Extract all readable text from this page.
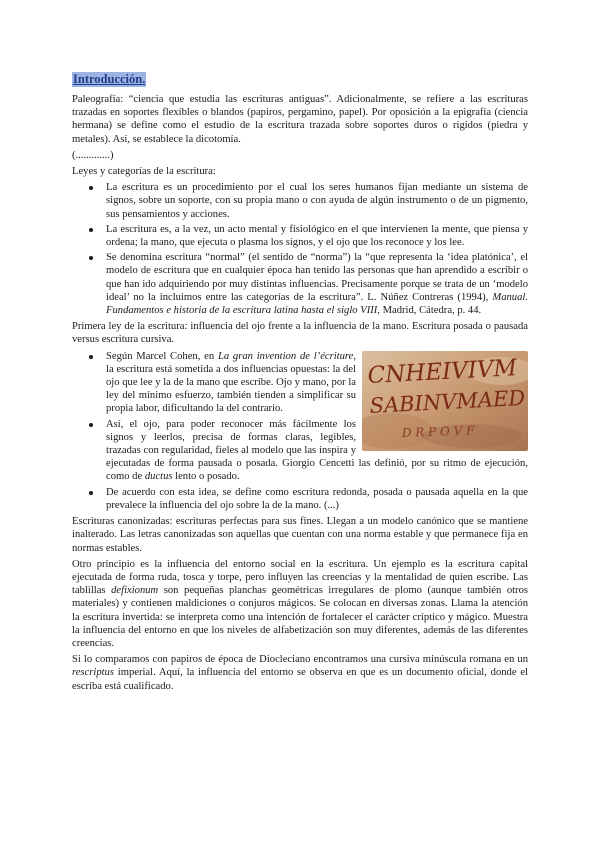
Introducción.

Paleografía: “ciencia que estudia las escrituras antiguas”. Adicionalmente, se refiere a las escrituras trazadas en soportes flexibles o blandos (papiros, pergamino, papel). Por oposición a la epigrafía (ciencia hermana) se define como el estudio de la escritura trazada sobre soportes duros o rígidos (piedra y metales). Así, se establece la dicotomía.

(.............)

Leyes y categorías de la escritura:

La escritura es un procedimiento por el cual los seres humanos fijan mediante un sistema de signos, sobre un soporte, con su propia mano o con ayuda de algún instrumento o de un pigmento, sus pensamientos y acciones.
La escritura es, a la vez, un acto mental y fisiológico en el que intervienen la mente, que piensa y ordena; la mano, que ejecuta o plasma los signos, y el ojo que los reconoce y los lee.
Se denomina escritura “normal” (el sentido de “norma”) la “que representa la ‘idea platónica’, el modelo de escritura que en cualquier época han tenido las personas que han aprendido a escribir o que han ido adquiriendo por muy distintas influencias. Precisamente porque se trata de un ‘modelo ideal’ no la incluimos entre las categorías de la escritura”. L. Núñez Contreras (1994), Manual. Fundamentos e historia de la escritura latina hasta el siglo VIII, Madrid, Cátedra, p. 44.

Primera ley de la escritura: influencia del ojo frente a la influencia de la mano. Escritura posada o pausada versus escritura cursiva.

CNHEIVIVM
SABINVMAED
D R P O V F
Según Marcel Cohen, en La gran invention de l’écriture, la escritura está sometida a dos influencias opuestas: la del ojo que lee y la de la mano que escribe. Ojo y mano, por la ley del mínimo esfuerzo, también tienden a simplificar su propia labor, dificultando la del contrario.
Así, el ojo, para poder reconocer más fácilmente los signos y leerlos, precisa de formas claras, legibles, trazadas con regularidad, fieles al modelo que las inspira y ejecutadas de forma pausada o posada. Giorgio Cencetti las definió, por su ritmo de ejecución, como de ductus lento o posado.
De acuerdo con esta idea, se define como escritura redonda, posada o pausada aquella en la que prevalece la influencia del ojo sobre la de la mano. (...)

Escrituras canonizadas: escrituras perfectas para sus fines. Llegan a un modelo canónico que se mantiene inalterado. Las letras canonizadas son aquellas que cuentan con una norma estable y que permanece fija en normas estables.

Otro principio es la influencia del entorno social en la escritura. Un ejemplo es la escritura capital ejecutada de forma ruda, tosca y torpe, pero influyen las creencias y la mentalidad de quien escribe. Las tablillas defixionum son pequeñas planchas geométricas irregulares de plomo (aunque también otros materiales) y contienen maldiciones o conjuros mágicos. Se colocan en diversas zonas. Llama la atención la escritura invertida: se interpreta como una intención de fortalecer el carácter críptico y mágico. Muestra la influencia del entorno en que los niveles de alfabetización son muy diferentes, además de las diferentes creencias.

Si lo comparamos con papiros de época de Diocleciano encontramos una cursiva minúscula romana en un rescriptus imperial. Aquí, la influencia del entorno se observa en que es un documento oficial, donde el escriba está cualificado.
